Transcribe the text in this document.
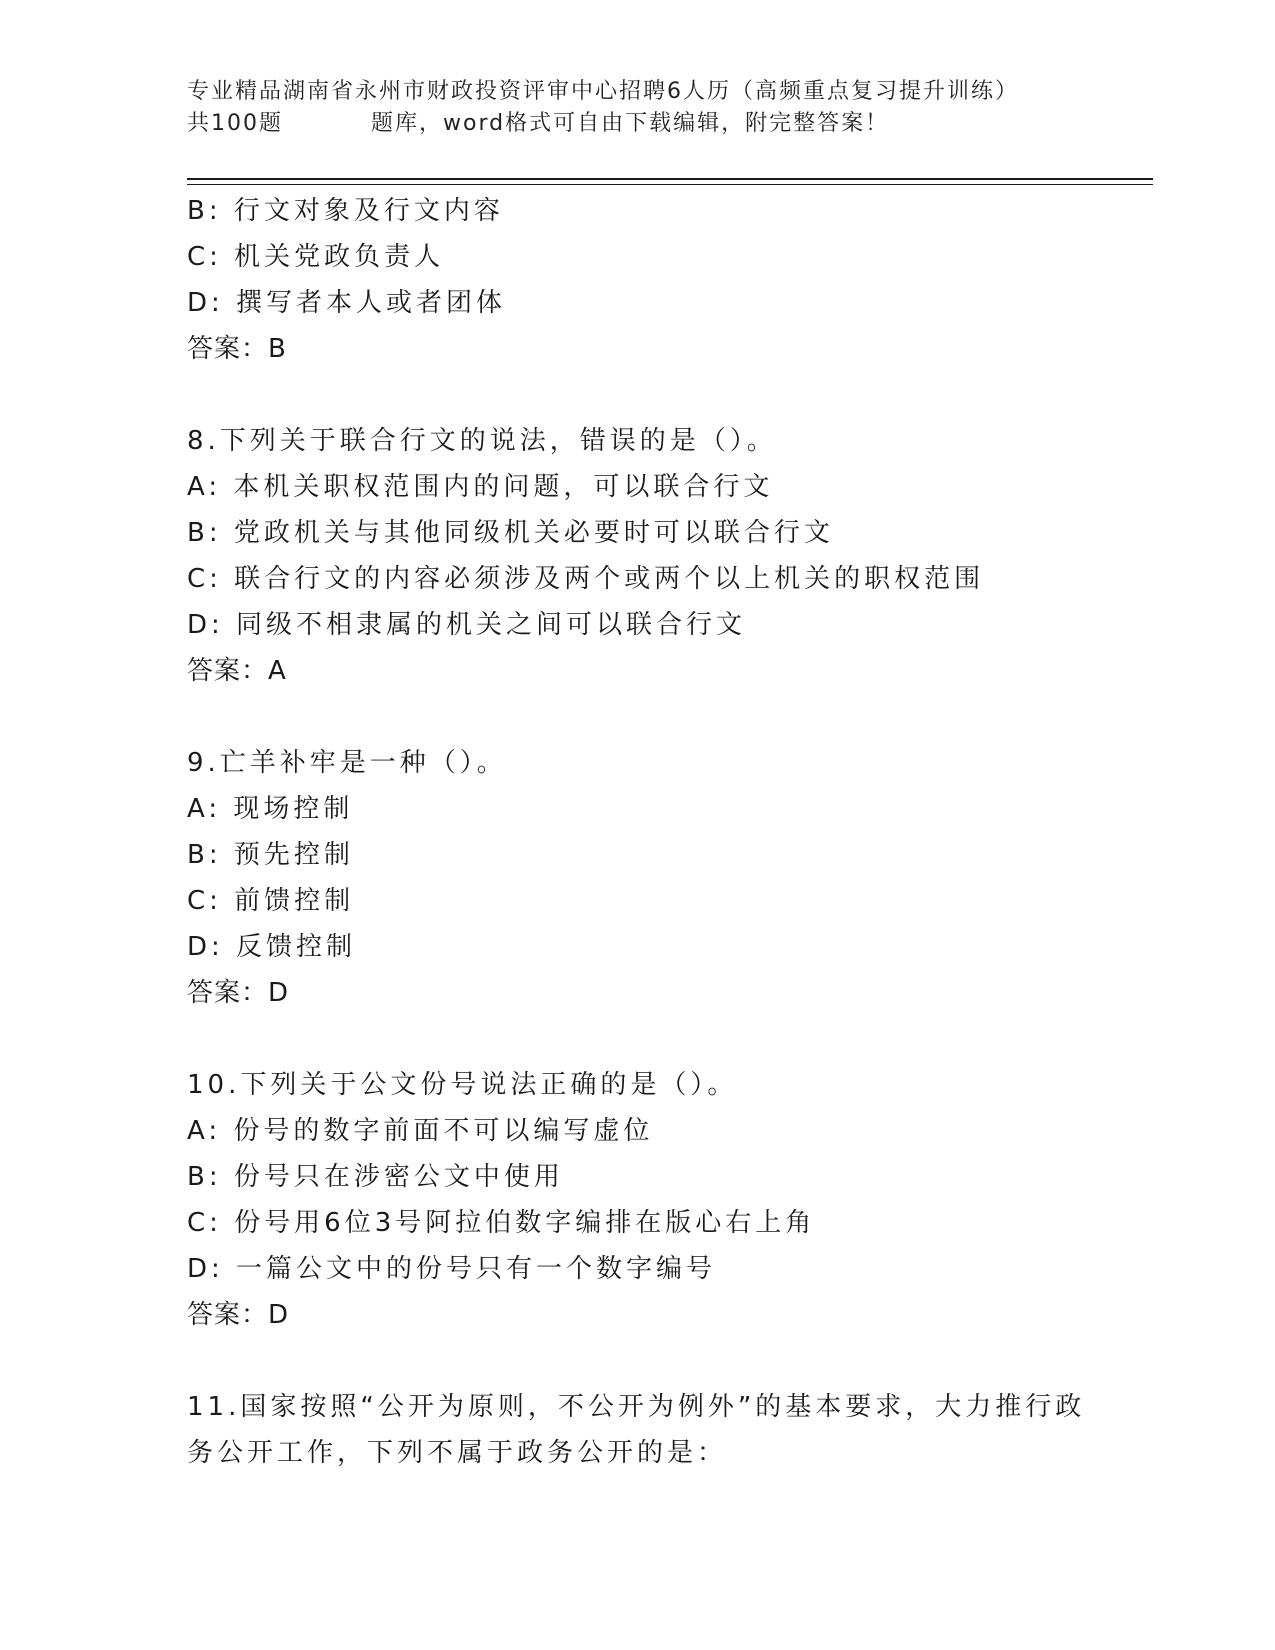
专业精品湖南省永州市财政投资评审中心招聘6人历（高频重点复习提升训练）
共100题	题库，word格式可自由下载编辑，附完整答案！
B: 行文对象及行文内容
C: 机关党政负责人
D: 撰写者本人或者团体
答案：B
8.下列关于联合行文的说法，错误的是（）。
A: 本机关职权范围内的问题，可以联合行文
B: 党政机关与其他同级机关必要时可以联合行文
C: 联合行文的内容必须涉及两个或两个以上机关的职权范围
D: 同级不相隶属的机关之间可以联合行文
答案：A
9.亡羊补牢是一种（）。
A: 现场控制
B: 预先控制
C: 前馈控制
D: 反馈控制
答案：D
10.下列关于公文份号说法正确的是（）。
A: 份号的数字前面不可以编写虚位
B: 份号只在涉密公文中使用
C: 份号用6位3号阿拉伯数字编排在版心右上角
D: 一篇公文中的份号只有一个数字编号
答案：D
11.国家按照“公开为原则，不公开为例外”的基本要求，大力推行政务公开工作，下列不属于政务公开的是：
